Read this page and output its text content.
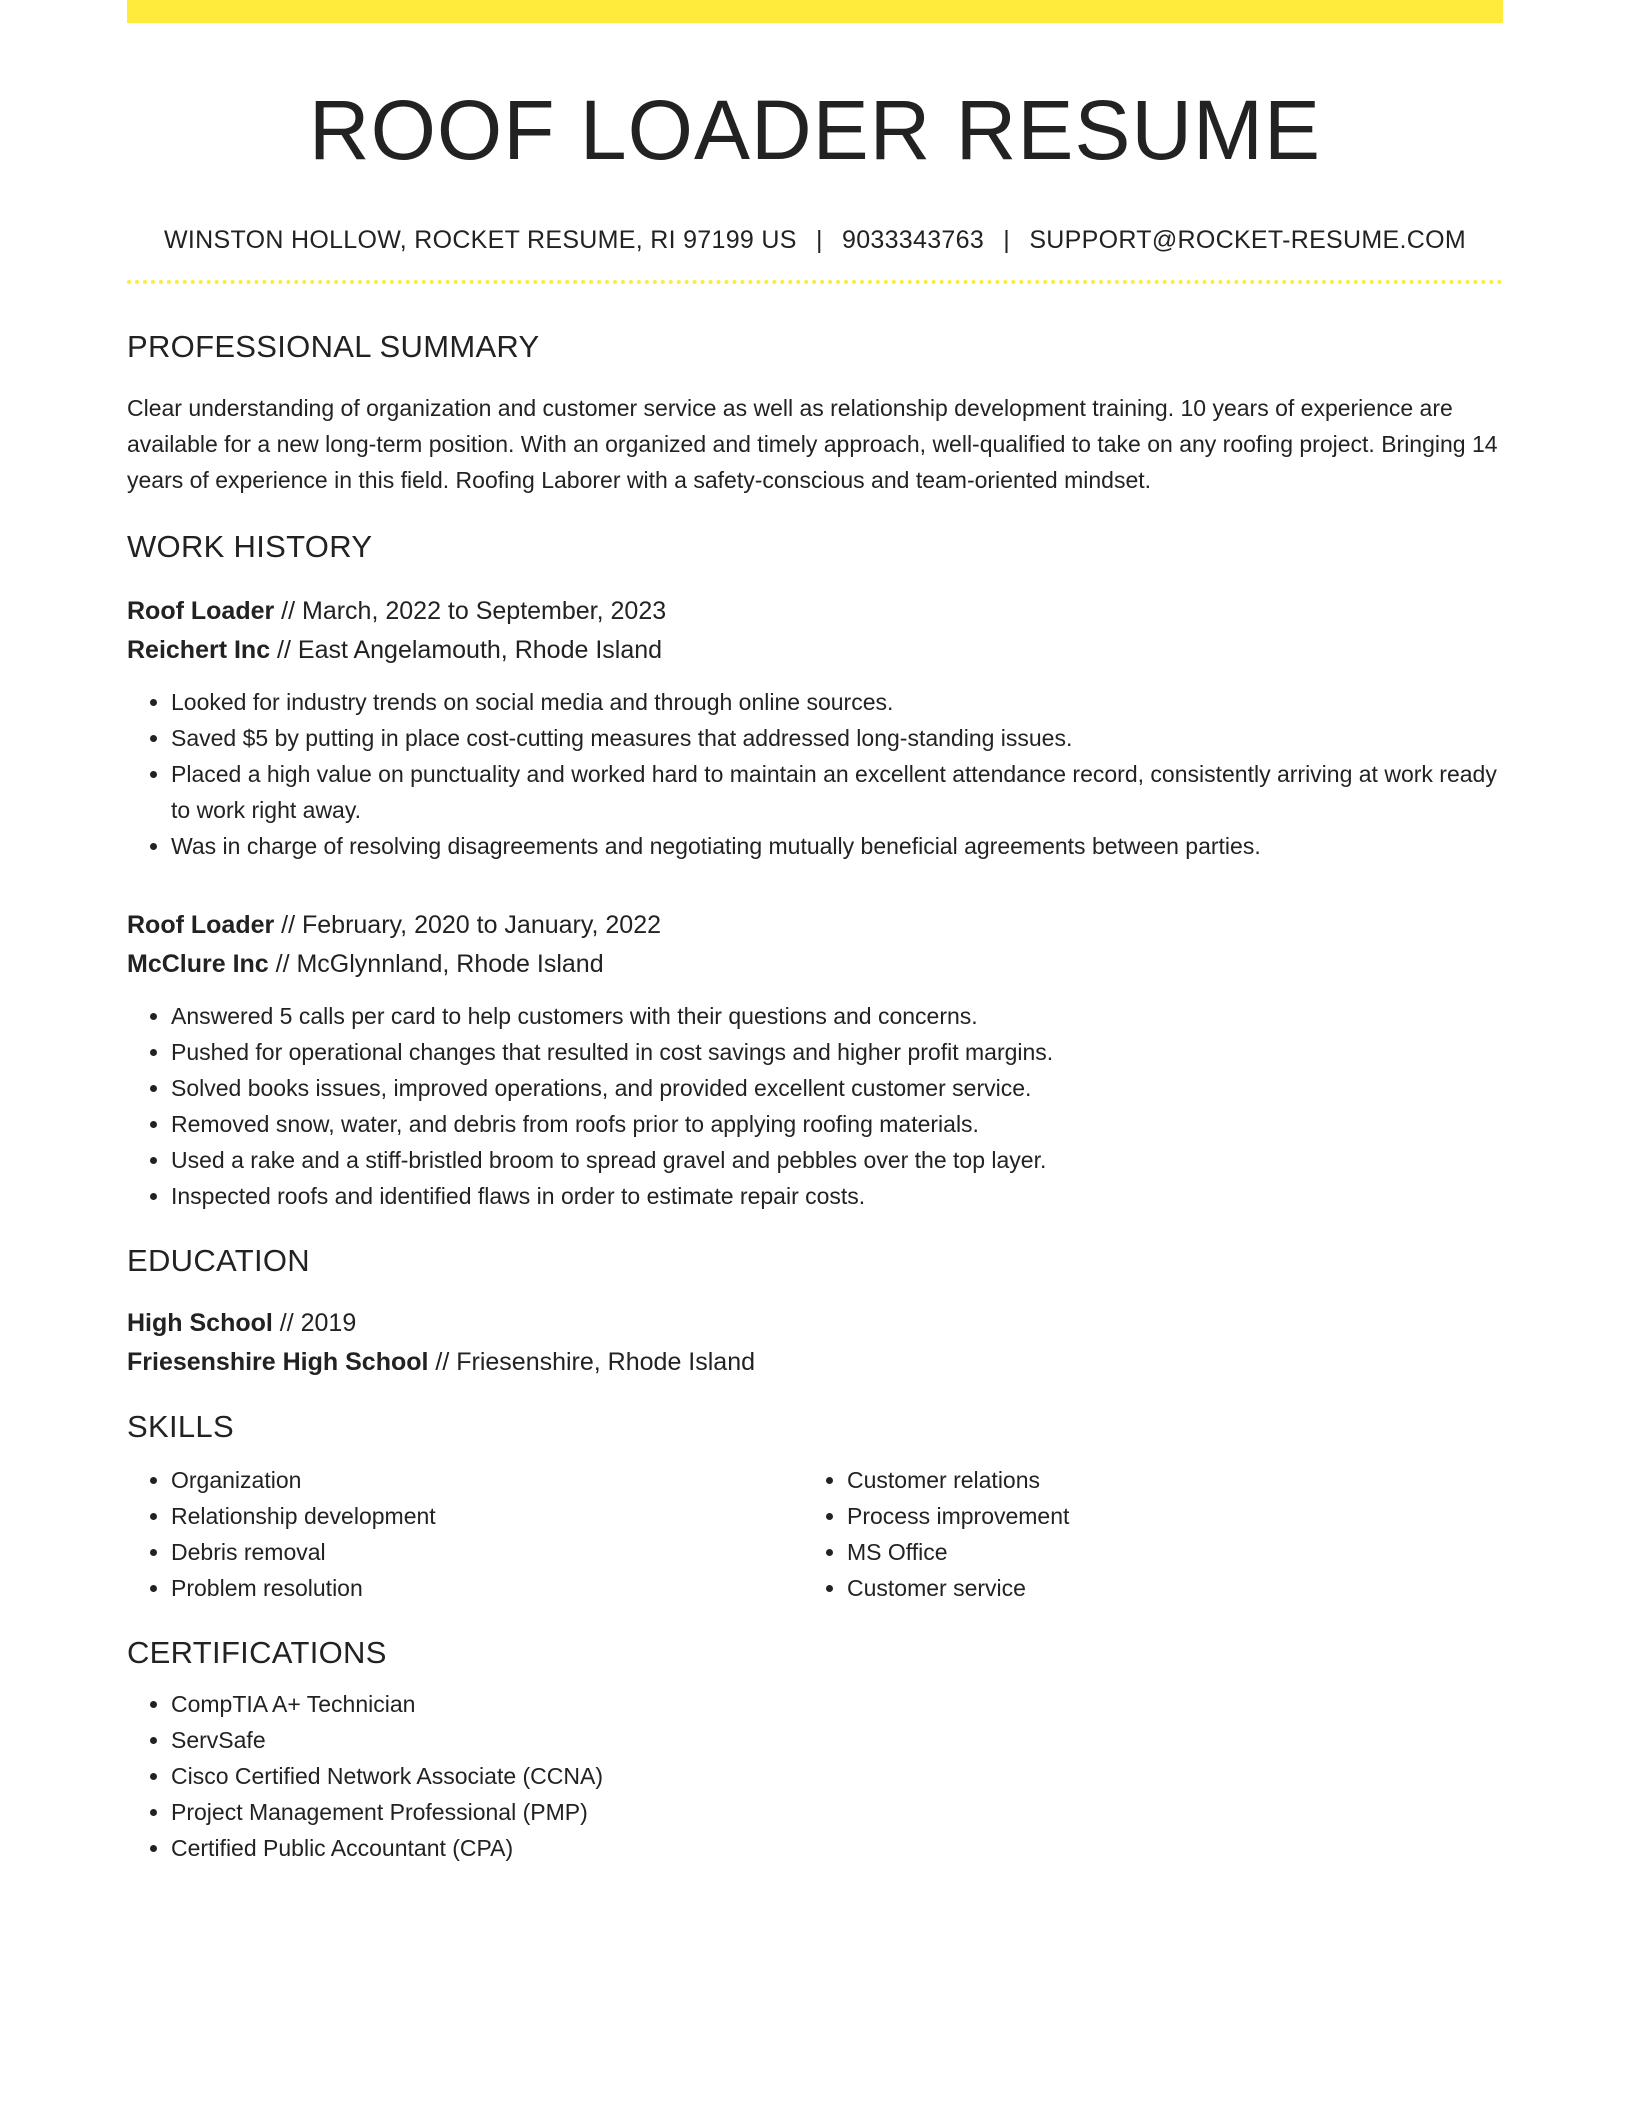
ROOF LOADER RESUME
WINSTON HOLLOW, ROCKET RESUME, RI 97199 US | 9033343763 | SUPPORT@ROCKET-RESUME.COM
PROFESSIONAL SUMMARY
Clear understanding of organization and customer service as well as relationship development training. 10 years of experience are available for a new long-term position. With an organized and timely approach, well-qualified to take on any roofing project. Bringing 14 years of experience in this field. Roofing Laborer with a safety-conscious and team-oriented mindset.
WORK HISTORY
Roof Loader // March, 2022 to September, 2023
Reichert Inc // East Angelamouth, Rhode Island
• Looked for industry trends on social media and through online sources.
• Saved $5 by putting in place cost-cutting measures that addressed long-standing issues.
• Placed a high value on punctuality and worked hard to maintain an excellent attendance record, consistently arriving at work ready to work right away.
• Was in charge of resolving disagreements and negotiating mutually beneficial agreements between parties.
Roof Loader // February, 2020 to January, 2022
McClure Inc // McGlynnland, Rhode Island
• Answered 5 calls per card to help customers with their questions and concerns.
• Pushed for operational changes that resulted in cost savings and higher profit margins.
• Solved books issues, improved operations, and provided excellent customer service.
• Removed snow, water, and debris from roofs prior to applying roofing materials.
• Used a rake and a stiff-bristled broom to spread gravel and pebbles over the top layer.
• Inspected roofs and identified flaws in order to estimate repair costs.
EDUCATION
High School // 2019
Friesenshire High School // Friesenshire, Rhode Island
SKILLS
• Organization
• Relationship development
• Debris removal
• Problem resolution
• Customer relations
• Process improvement
• MS Office
• Customer service
CERTIFICATIONS
• CompTIA A+ Technician
• ServSafe
• Cisco Certified Network Associate (CCNA)
• Project Management Professional (PMP)
• Certified Public Accountant (CPA)
